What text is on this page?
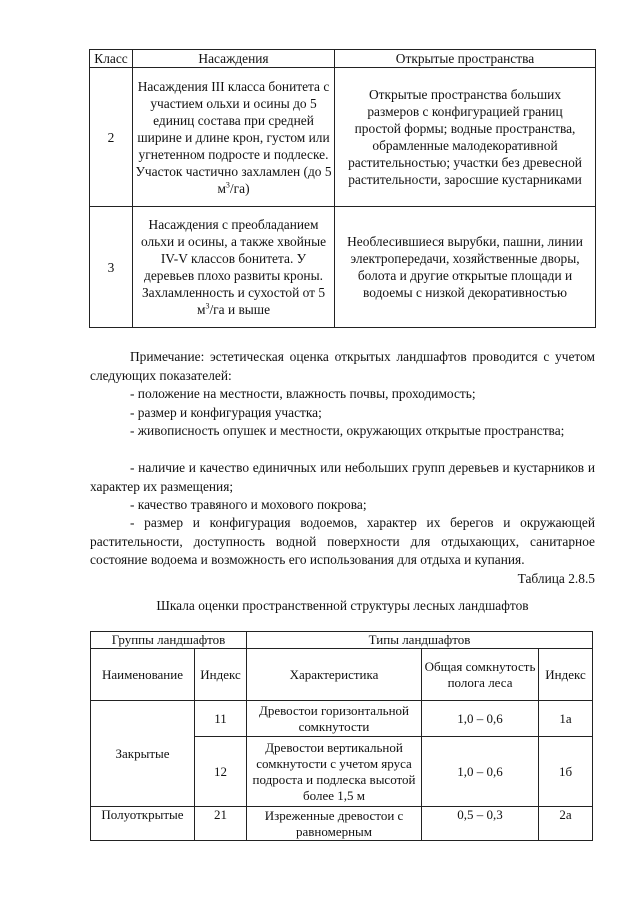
Класс	Насаждения	Открытые пространства
2	Насаждения III класса бонитета с участием ольхи и осины до 5 единиц состава при средней ширине и длине крон, густом или угнетенном подросте и подлеске. Участок частично захламлен (до 5 $м^3/га$)	Открытые пространства больших размеров с конфигурацией границ простой формы; водные пространства, обрамленные малодекоративной растительностью; участки без древесной растительности, заросшие кустарниками
3	Насаждения с преобладанием ольхи и осины, а также хвойные IV-V классов бонитета. У деревьев плохо развиты кроны. Захламленность и сухостой от 5 $м^3/га$ и выше	Необлесившиеся вырубки, пашни, линии электропередачи, хозяйственные дворы, болота и другие открытые площади и водоемы с низкой декоративностью
Примечание: эстетическая оценка открытых ландшафтов проводится с учетом следующих показателей:
- положение на местности, влажность почвы, проходимость;
- размер и конфигурация участка;
- живописность опушек и местности, окружающих открытые пространства;
- наличие и качество единичных или небольших групп деревьев и кустарников и характер их размещения;
- качество травяного и мохового покрова;
- размер и конфигурация водоемов, характер их берегов и окружающей растительности, доступность водной поверхности для отдыхающих, санитарное состояние водоема и возможность его использования для отдыха и купания.
Таблица 2.8.5
Шкала оценки пространственной структуры лесных ландшафтов
Группы ландшафтов		Типы ландшафтов		
Наименование	Индекс	Характеристика	Общая сомкнутость полога леса	Индекс
Закрытые	11	Древостои горизонтальной сомкнутости	1,0 – 0,6	1а
	12	Древостои вертикальной сомкнутости с учетом яруса подроста и подлеска высотой более 1,5 м	1,0 – 0,6	1б
Полуоткрытые	21	Изреженные древостои с равномерным	0,5 – 0,3	2а
